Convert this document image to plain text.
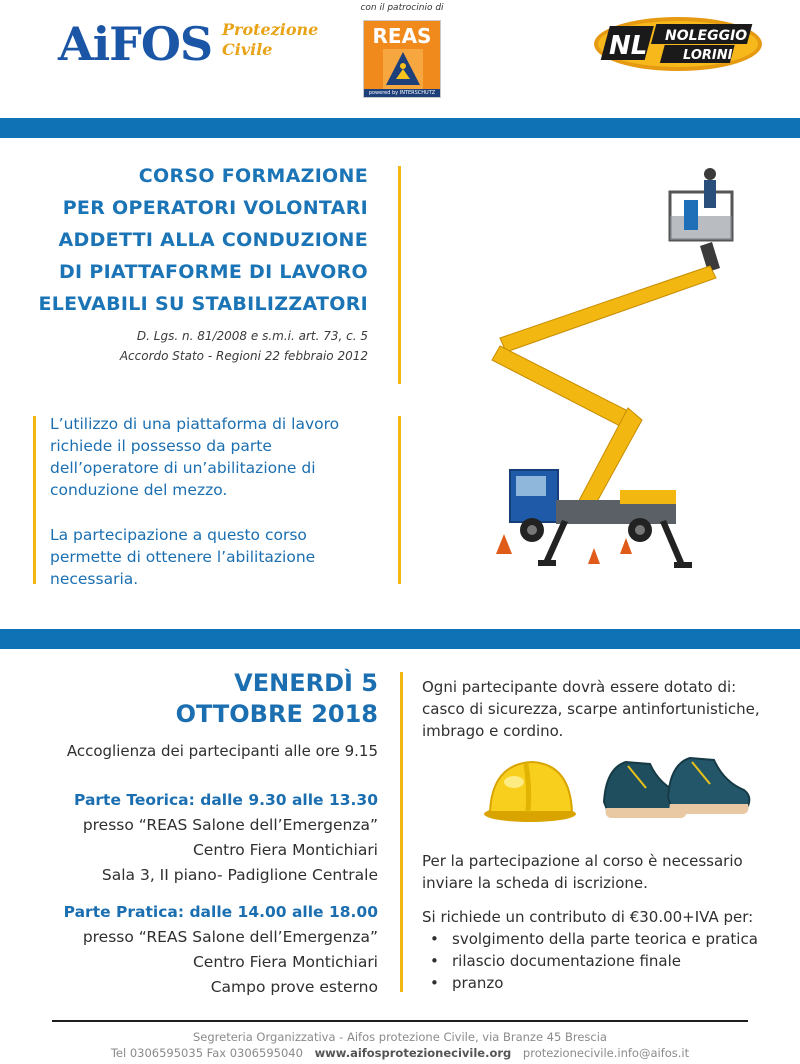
AiFOS Protezione
Civile
con il patrocinio di
REAS
powered by INTERSCHUTZ
NL NOLEGGIO
LORINI
CORSO FORMAZIONE
PER OPERATORI VOLONTARI
ADDETTI ALLA CONDUZIONE
DI PIATTAFORME DI LAVORO
ELEVABILI SU STABILIZZATORI
D. Lgs. n. 81/2008 e s.m.i. art. 73, c. 5
Accordo Stato - Regioni 22 febbraio 2012

L’utilizzo di una piattaforma di lavoro richiede il possesso da parte dell’operatore di un’abilitazione di conduzione del mezzo.

La partecipazione a questo corso permette di ottenere l’abilitazione necessaria.

VENERDÌ 5
OTTOBRE 2018
Accoglienza dei partecipanti alle ore 9.15
Parte Teorica: dalle 9.30 alle 13.30
presso “REAS Salone dell’Emergenza”
Centro Fiera Montichiari
Sala 3, II piano- Padiglione Centrale
Parte Pratica: dalle 14.00 alle 18.00
presso “REAS Salone dell’Emergenza”
Centro Fiera Montichiari
Campo prove esterno
Ogni partecipante dovrà essere dotato di:
casco di sicurezza, scarpe antinfortunistiche,
imbrago e cordino.
Per la partecipazione al corso è necessario
inviare la scheda di iscrizione.
Si richiede un contributo di €30.00+IVA per:
• svolgimento della parte teorica e pratica
• rilascio documentazione finale
• pranzo
Segreteria Organizzativa - Aifos protezione Civile, via Branze 45 Brescia
Tel 0306595035 Fax 0306595040 www.aifosprotezionecivile.org protezionecivile.info@aifos.it
